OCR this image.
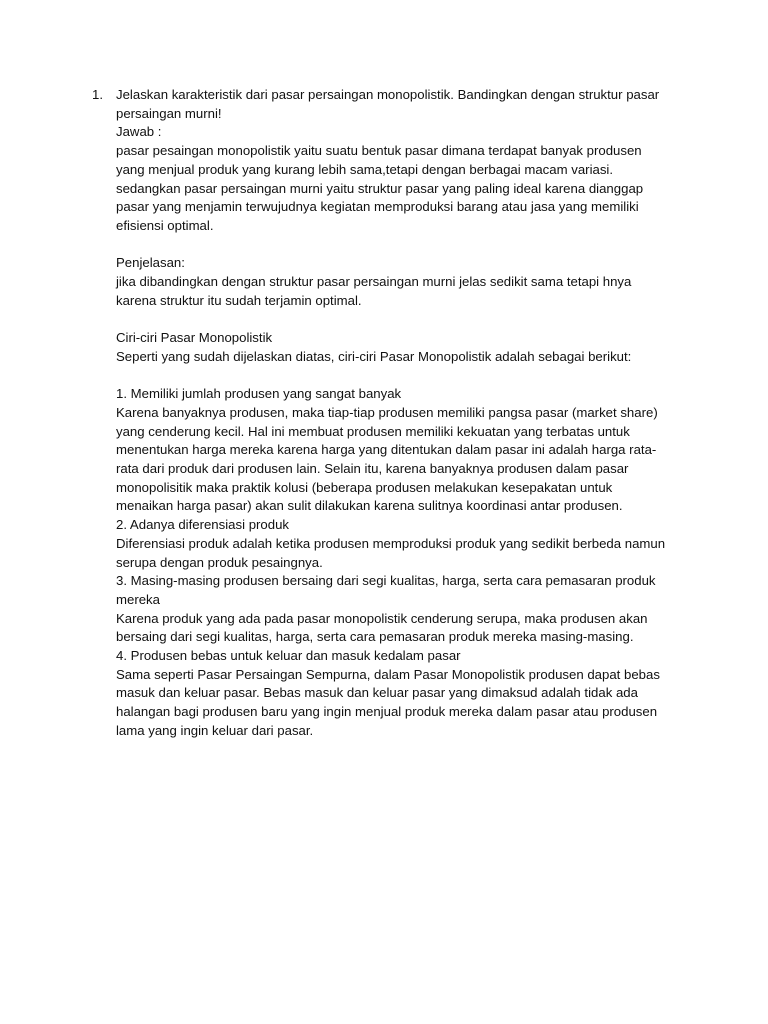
1. Jelaskan karakteristik dari pasar persaingan monopolistik. Bandingkan dengan struktur pasar persaingan murni!

Jawab :

pasar pesaingan monopolistik yaitu suatu bentuk pasar dimana terdapat banyak produsen yang menjual produk yang kurang lebih sama,tetapi dengan berbagai macam variasi. sedangkan pasar persaingan murni yaitu struktur pasar yang paling ideal karena dianggap pasar yang menjamin terwujudnya kegiatan memproduksi barang atau jasa yang memiliki efisiensi optimal.

Penjelasan:

jika dibandingkan dengan struktur pasar persaingan murni jelas sedikit sama tetapi hnya karena struktur itu sudah terjamin optimal.

Ciri-ciri Pasar Monopolistik

Seperti yang sudah dijelaskan diatas, ciri-ciri Pasar Monopolistik adalah sebagai berikut:

1. Memiliki jumlah produsen yang sangat banyak

Karena banyaknya produsen, maka tiap-tiap produsen memiliki pangsa pasar (market share) yang cenderung kecil. Hal ini membuat produsen memiliki kekuatan yang terbatas untuk menentukan harga mereka karena harga yang ditentukan dalam pasar ini adalah harga rata-rata dari produk dari produsen lain. Selain itu, karena banyaknya produsen dalam pasar monopolisitik maka praktik kolusi (beberapa produsen melakukan kesepakatan untuk menaikan harga pasar) akan sulit dilakukan karena sulitnya koordinasi antar produsen.

2. Adanya diferensiasi produk

Diferensiasi produk adalah ketika produsen memproduksi produk yang sedikit berbeda namun serupa dengan produk pesaingnya.

3. Masing-masing produsen bersaing dari segi kualitas, harga, serta cara pemasaran produk mereka

Karena produk yang ada pada pasar monopolistik cenderung serupa, maka produsen akan bersaing dari segi kualitas, harga, serta cara pemasaran produk mereka masing-masing.

4. Produsen bebas untuk keluar dan masuk kedalam pasar

Sama seperti Pasar Persaingan Sempurna, dalam Pasar Monopolistik produsen dapat bebas masuk dan keluar pasar. Bebas masuk dan keluar pasar yang dimaksud adalah tidak ada halangan bagi produsen baru yang ingin menjual produk mereka dalam pasar atau produsen lama yang ingin keluar dari pasar.
